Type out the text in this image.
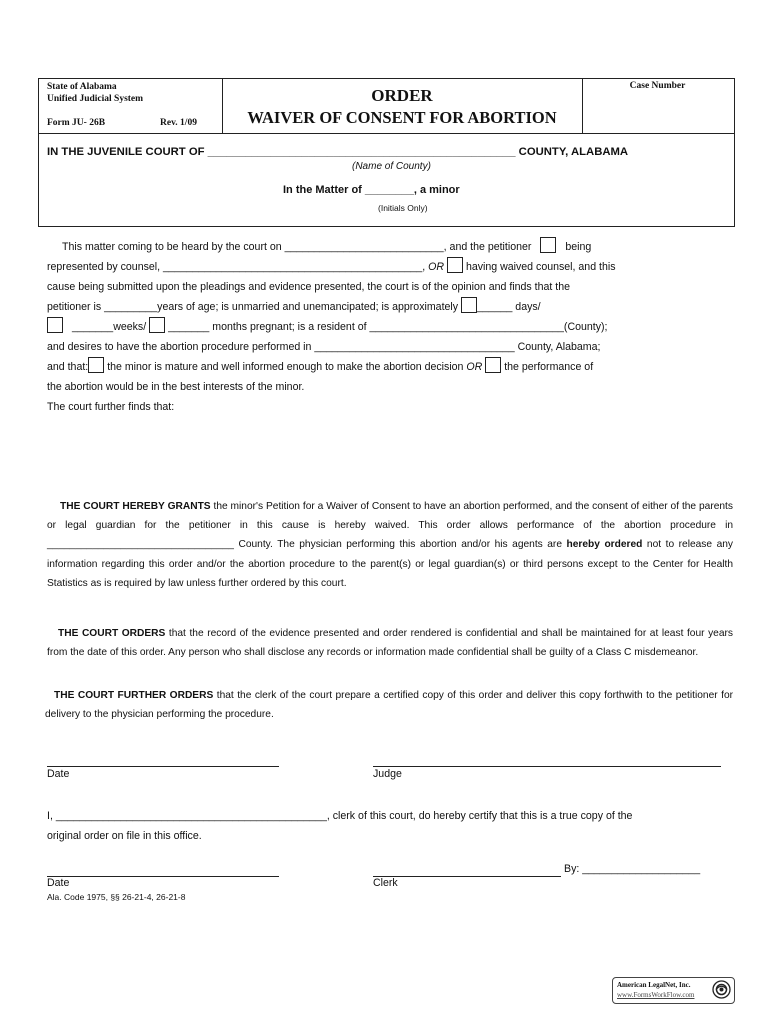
State of Alabama
Unified Judicial System
Form JU- 26B	Rev. 1/09
ORDER
WAIVER OF CONSENT FOR ABORTION
Case Number
IN THE JUVENILE COURT OF _________________________________________________ COUNTY, ALABAMA
(Name of County)
In the Matter of ________, a minor
(Initials Only)
This matter coming to be heard by the court on ___________________________, and the petitioner	being
represented by counsel, ____________________________________________, OR having waived counsel, and this
cause being submitted upon the pleadings and evidence presented, the court is of the opinion and finds that the
petitioner is _________years of age; is unmarried and unemancipated; is approximately ______ days/
_______weeks/ _______ months pregnant; is a resident of _________________________________(County);
and desires to have the abortion procedure performed in __________________________________ County, Alabama;
and that: the minor is mature and well informed enough to make the abortion decision OR the performance of
the abortion would be in the best interests of the minor.
The court further finds that:
THE COURT HEREBY GRANTS the minor's Petition for a Waiver of Consent to have an abortion performed, and the consent of either of the parents or legal guardian for the petitioner in this cause is hereby waived. This order allows performance of the abortion procedure in _________________________________ County. The physician performing this abortion and/or his agents are hereby ordered not to release any information regarding this order and/or the abortion procedure to the parent(s) or legal guardian(s) or third persons except to the Center for Health Statistics as is required by law unless further ordered by this court.
THE COURT ORDERS that the record of the evidence presented and order rendered is confidential and shall be maintained for at least four years from the date of this order. Any person who shall disclose any records or information made confidential shall be guilty of a Class C misdemeanor.
THE COURT FURTHER ORDERS that the clerk of the court prepare a certified copy of this order and deliver this copy forthwith to the petitioner for delivery to the physician performing the procedure.
Date	Judge
I, ______________________________________________, clerk of this court, do hereby certify that this is a true copy of the
original order on file in this office.
Date
By: ____________________
Clerk
Ala. Code 1975, §§ 26-21-4, 26-21-8
American LegalNet, Inc.
www.FormsWorkFlow.com
